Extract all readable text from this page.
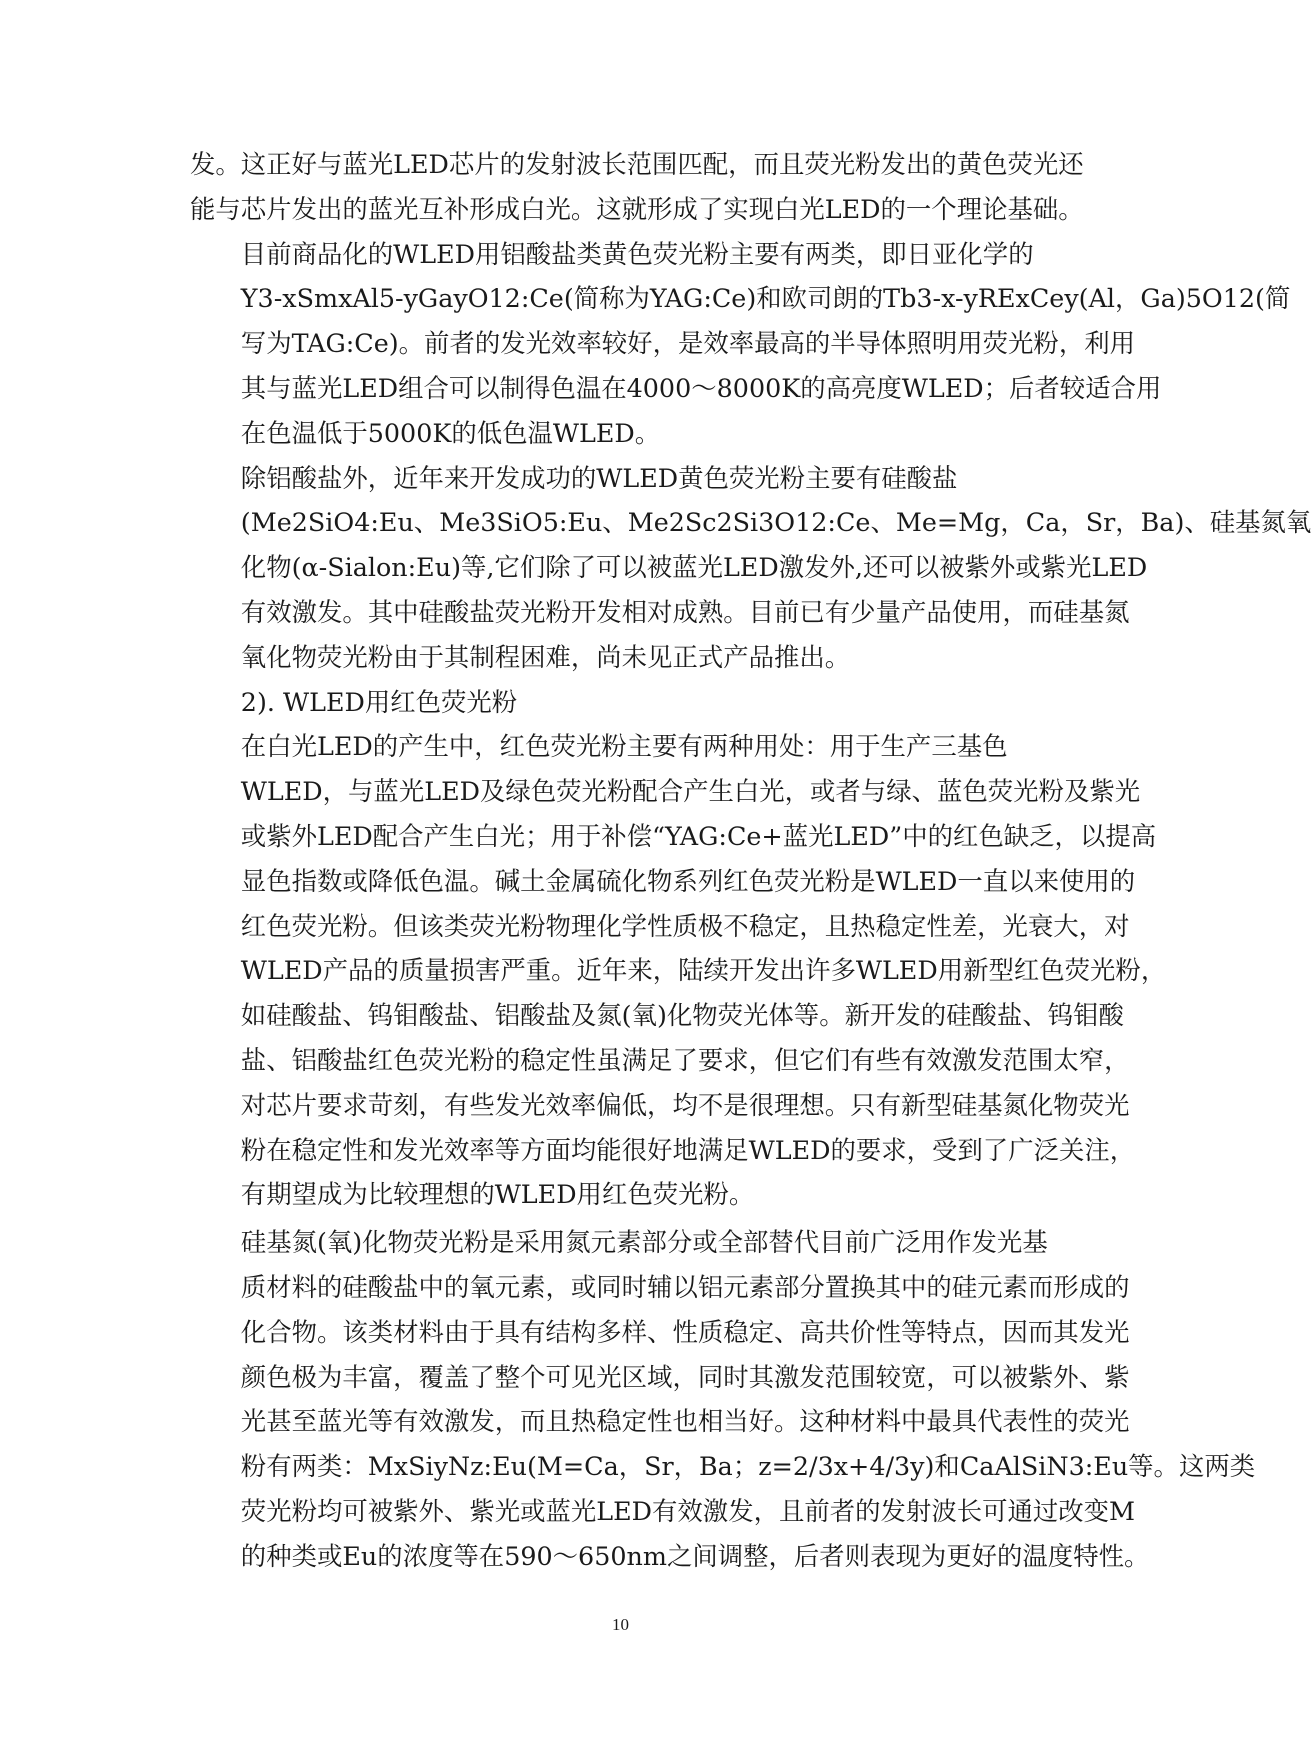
发。这正好与蓝光LED芯片的发射波长范围匹配，而且荧光粉发出的黄色荧光还
能与芯片发出的蓝光互补形成白光。这就形成了实现白光LED的一个理论基础。

目前商品化的WLED用铝酸盐类黄色荧光粉主要有两类，即日亚化学的
Y3-xSmxAl5-yGayO12:Ce(简称为YAG:Ce)和欧司朗的Tb3-x-yRExCey(Al，Ga)5O12(简
写为TAG:Ce)。前者的发光效率较好，是效率最高的半导体照明用荧光粉，利用
其与蓝光LED组合可以制得色温在4000～8000K的高亮度WLED；后者较适合用
在色温低于5000K的低色温WLED。

除铝酸盐外，近年来开发成功的WLED黄色荧光粉主要有硅酸盐
(Me2SiO4:Eu、Me3SiO5:Eu、Me2Sc2Si3O12:Ce、Me=Mg，Ca，Sr，Ba)、硅基氮氧
化物(α-Sialon:Eu)等,它们除了可以被蓝光LED激发外,还可以被紫外或紫光LED
有效激发。其中硅酸盐荧光粉开发相对成熟。目前已有少量产品使用，而硅基氮
氧化物荧光粉由于其制程困难，尚未见正式产品推出。

2). WLED用红色荧光粉

在白光LED的产生中，红色荧光粉主要有两种用处：用于生产三基色
WLED，与蓝光LED及绿色荧光粉配合产生白光，或者与绿、蓝色荧光粉及紫光
或紫外LED配合产生白光；用于补偿“YAG:Ce+蓝光LED”中的红色缺乏，以提高
显色指数或降低色温。碱土金属硫化物系列红色荧光粉是WLED一直以来使用的
红色荧光粉。但该类荧光粉物理化学性质极不稳定，且热稳定性差，光衰大，对
WLED产品的质量损害严重。近年来，陆续开发出许多WLED用新型红色荧光粉，
如硅酸盐、钨钼酸盐、铝酸盐及氮(氧)化物荧光体等。新开发的硅酸盐、钨钼酸
盐、铝酸盐红色荧光粉的稳定性虽满足了要求，但它们有些有效激发范围太窄，
对芯片要求苛刻，有些发光效率偏低，均不是很理想。只有新型硅基氮化物荧光
粉在稳定性和发光效率等方面均能很好地满足WLED的要求，受到了广泛关注，
有期望成为比较理想的WLED用红色荧光粉。

硅基氮(氧)化物荧光粉是采用氮元素部分或全部替代目前广泛用作发光基
质材料的硅酸盐中的氧元素，或同时辅以铝元素部分置换其中的硅元素而形成的
化合物。该类材料由于具有结构多样、性质稳定、高共价性等特点，因而其发光
颜色极为丰富，覆盖了整个可见光区域，同时其激发范围较宽，可以被紫外、紫
光甚至蓝光等有效激发，而且热稳定性也相当好。这种材料中最具代表性的荧光
粉有两类：MxSiyNz:Eu(M=Ca，Sr，Ba；z=2/3x+4/3y)和CaAlSiN3:Eu等。这两类
荧光粉均可被紫外、紫光或蓝光LED有效激发，且前者的发射波长可通过改变M
的种类或Eu的浓度等在590～650nm之间调整，后者则表现为更好的温度特性。

10
